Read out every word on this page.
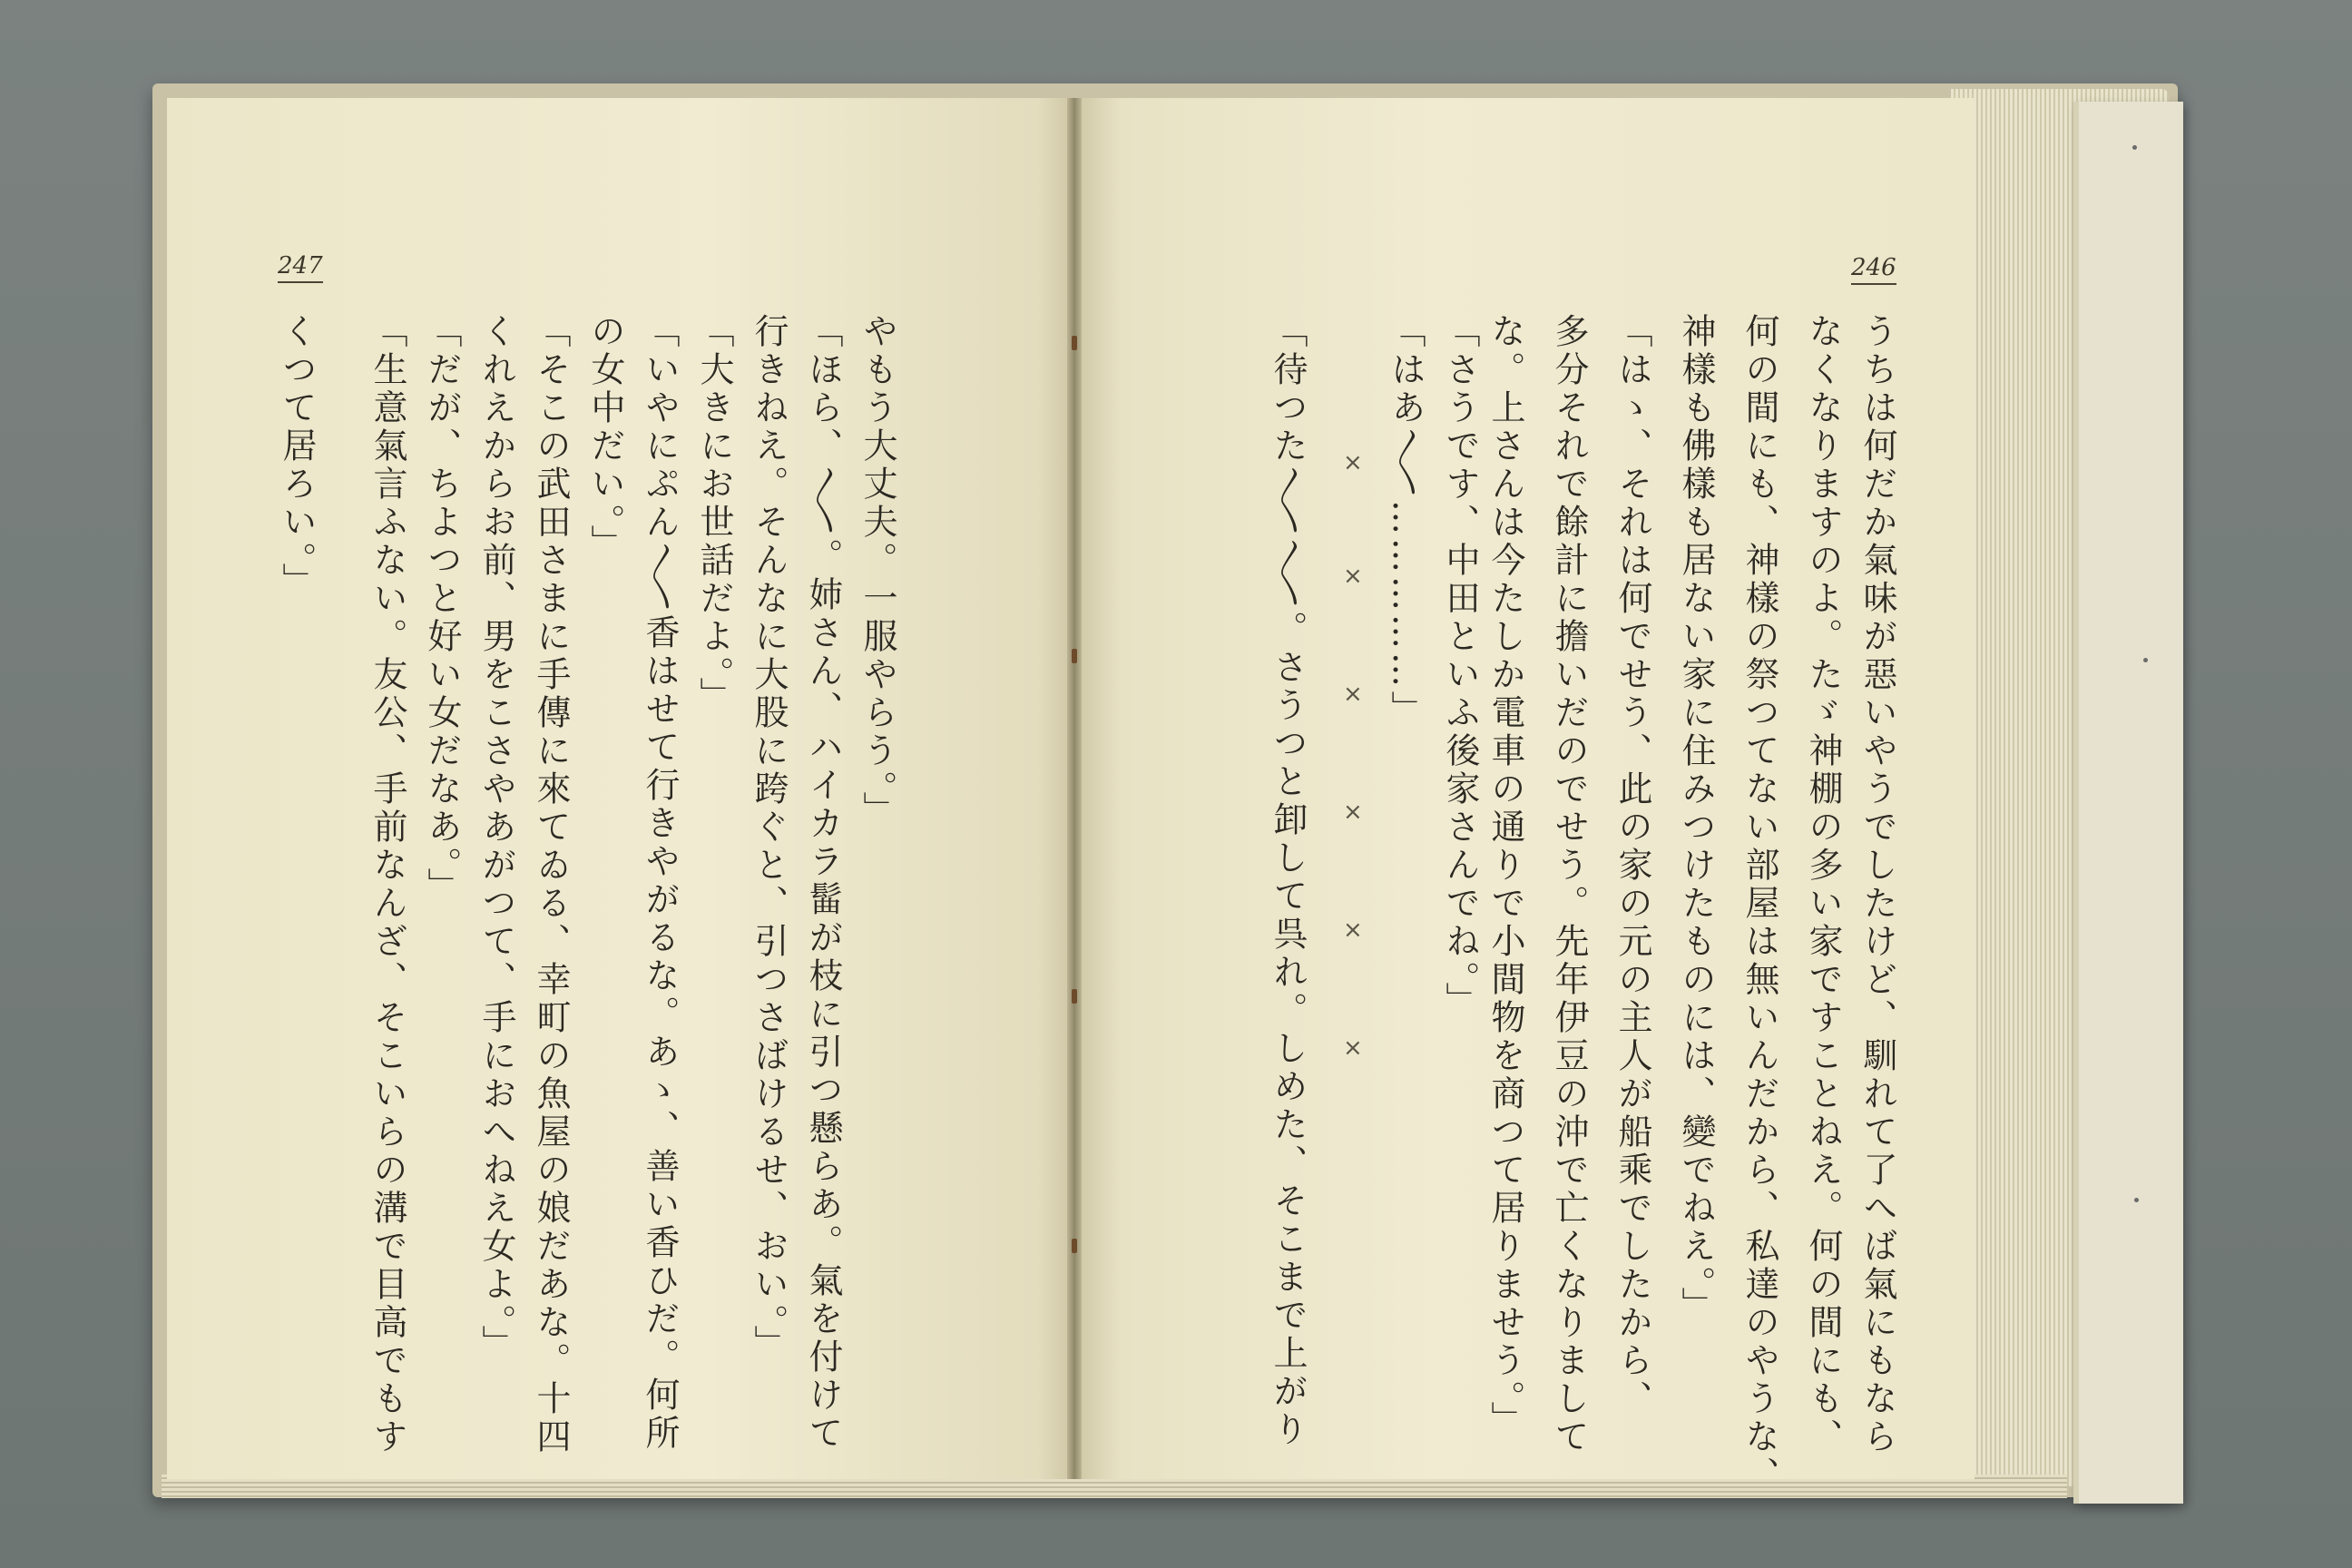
247	246
やもう大丈夫。一服やらう。」
「ほら、〳〵。姉さん、ハイカラ髷が枝に引つ懸らあ。氣を付けて
行きねえ。そんなに大股に跨ぐと、引つさばけるせ、おい。」
「大きにお世話だよ。」
「いやにぷん〳〵香はせて行きやがるな。あゝ、善い香ひだ。何所
の女中だい。」
「そこの武田さまに手傳に來てゐる、幸町の魚屋の娘だあな。十四
くれえからお前、男をこさやあがつて、手におへねえ女よ。」
「だが、ちよつと好い女だなあ。」
「生意氣言ふない。友公、手前なんざ、そこいらの溝で目高でもす
くつて居ろい。」	うちは何だか氣味が惡いやうでしたけど、馴れて了へば氣にもなら
なくなりますのよ。たゞ神棚の多い家ですことねえ。何の間にも、
何の間にも、神樣の祭つてない部屋は無いんだから、私達のやうな、
神樣も佛樣も居ない家に住みつけたものには、變でねえ。」
「はゝ、それは何でせう、此の家の元の主人が船乘でしたから、
多分それで餘計に擔いだのでせう。先年伊豆の沖で亡くなりまして
な。上さんは今たしか電車の通りで小間物を商つて居りませう。」
「さうです、中田といふ後家さんでね。」
「はあ〳〵……………」
「待つた〳〵〳〵。さうつと卸して呉れ。しめた、そこまで上がり ×
×
×
×
×
×
